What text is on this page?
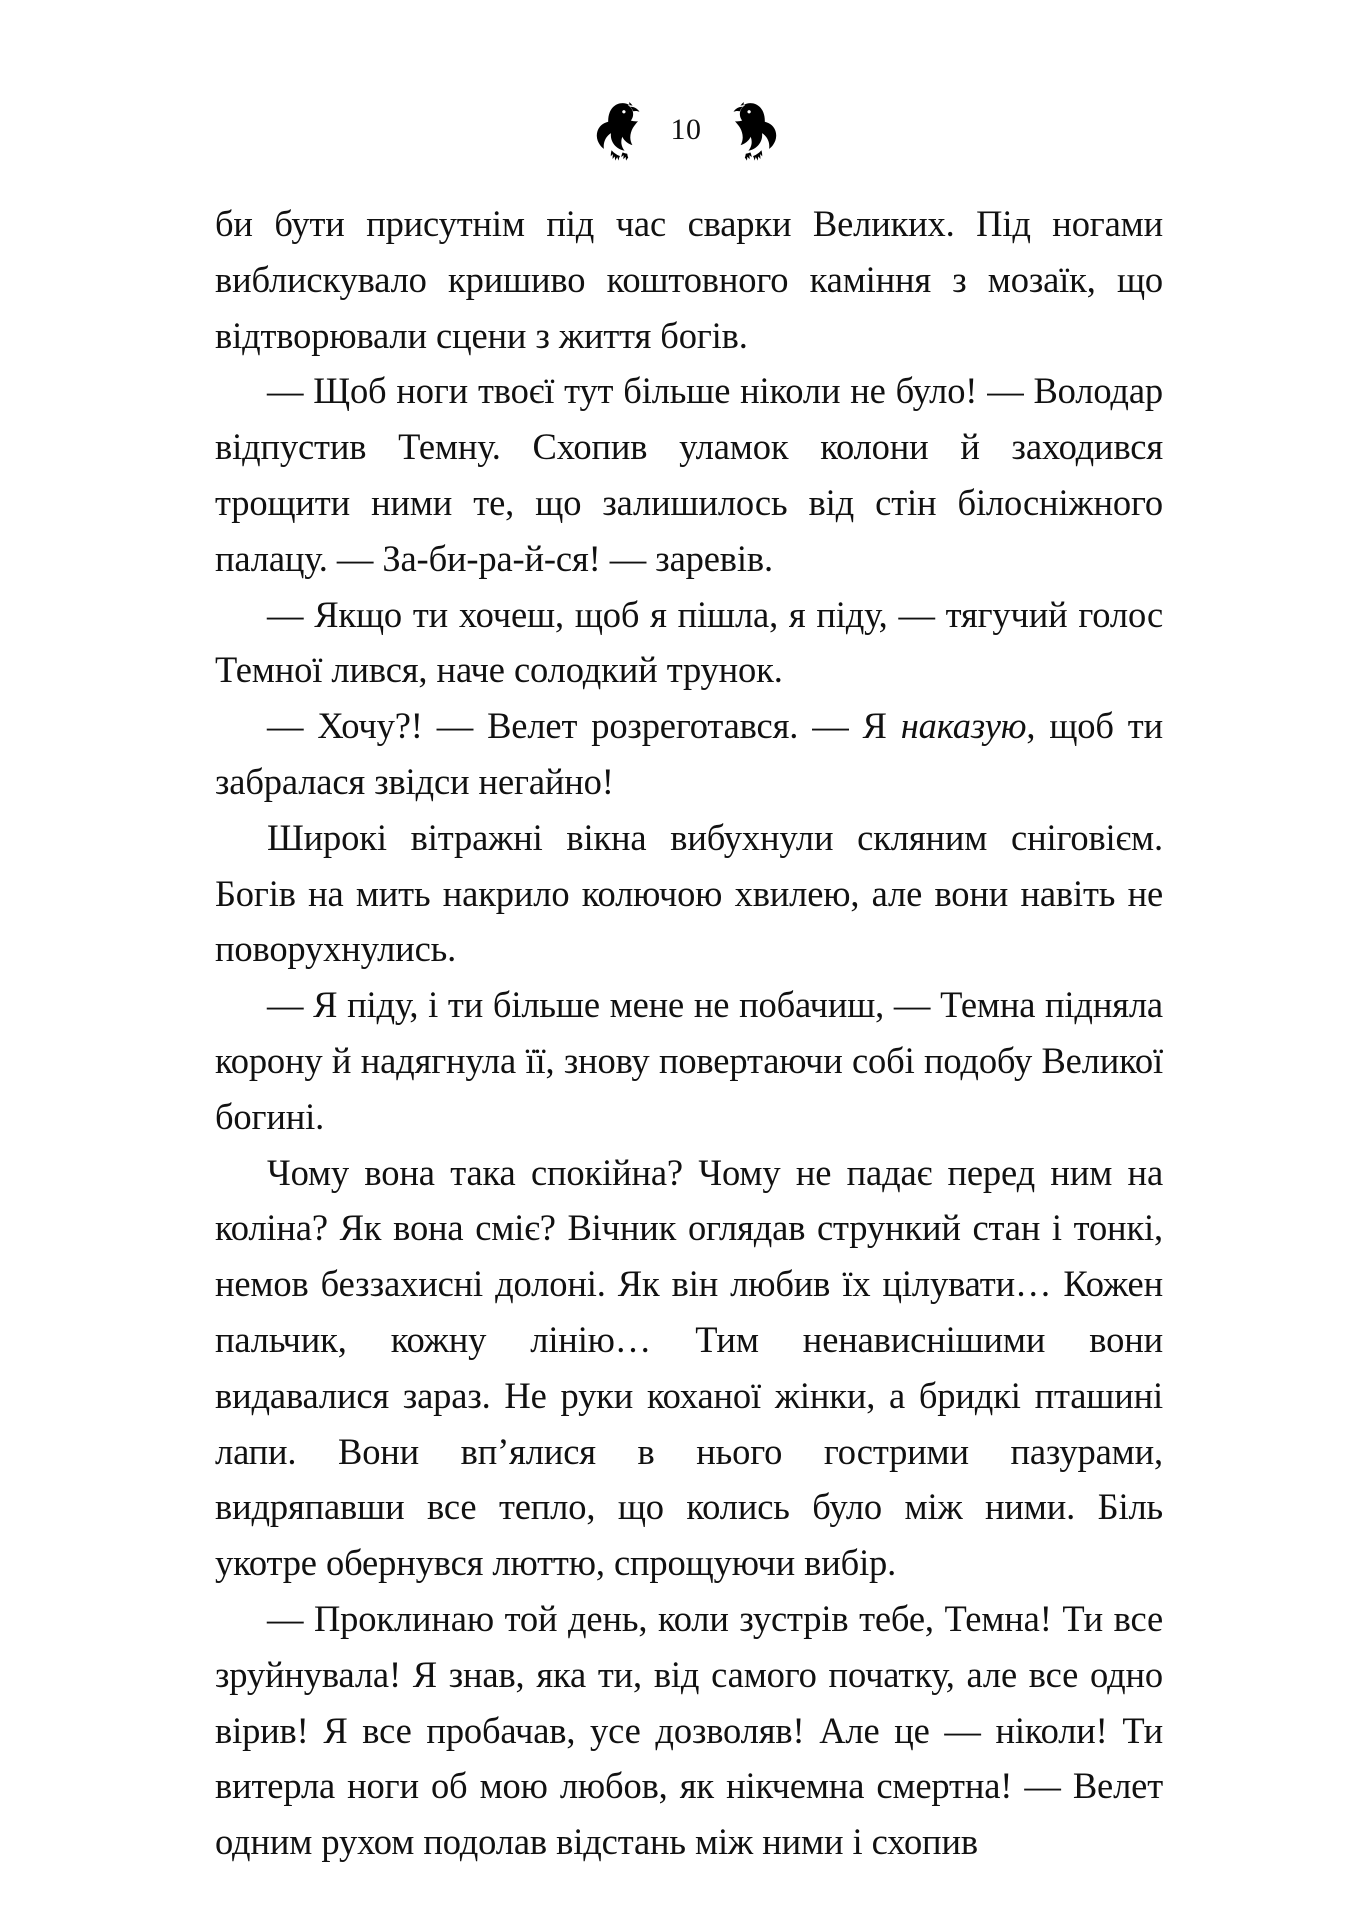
10

би бути присутнім під час сварки Великих. Під ногами виблискувало кришиво коштовного каміння з мозаїк, що відтворювали сцени з життя богів.

— Щоб ноги твоєї тут більше ніколи не було! — Володар відпустив Темну. Схопив уламок колони й заходився трощити ними те, що залишилось від стін білосніжного палацу. — За-би-ра-й-ся! — заревів.

— Якщо ти хочеш, щоб я пішла, я піду, — тягучий голос Темної лився, наче солодкий трунок.

— Хочу?! — Велет розреготався. — Я наказую, щоб ти забралася звідси негайно!

Широкі вітражні вікна вибухнули скляним сніговієм. Богів на мить накрило колючою хвилею, але вони навіть не поворухнулись.

— Я піду, і ти більше мене не побачиш, — Темна підняла корону й надягнула її, знову повертаючи собі подобу Великої богині.

Чому вона така спокійна? Чому не падає перед ним на коліна? Як вона сміє? Вічник оглядав стрункий стан і тонкі, немов беззахисні долоні. Як він любив їх цілувати… Кожен пальчик, кожну лінію… Тим ненависнішими вони видавалися зараз. Не руки коханої жінки, а бридкі пташині лапи. Вони вп’ялися в нього гострими пазурами, видряпавши все тепло, що колись було між ними. Біль укотре обернувся люттю, спрощуючи вибір.

— Проклинаю той день, коли зустрів тебе, Темна! Ти все зруйнувала! Я знав, яка ти, від самого початку, але все одно вірив! Я все пробачав, усе дозволяв! Але це — ніколи! Ти витерла ноги об мою любов, як нікчемна смертна! — Велет одним рухом подолав відстань між ними і схопив
